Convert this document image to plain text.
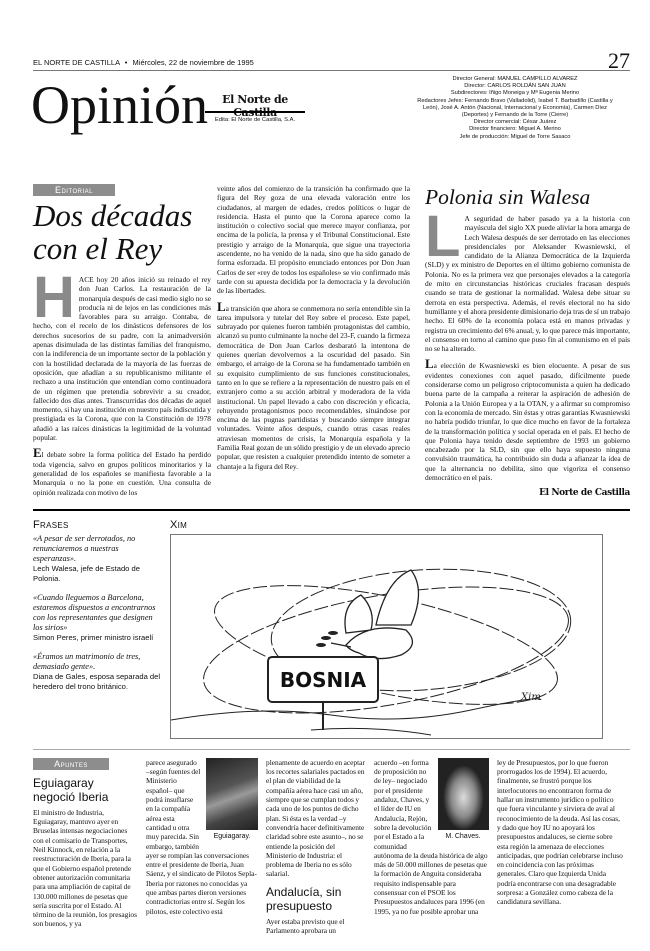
EL NORTE DE CASTILLA • Miércoles, 22 de noviembre de 1995	27
Opinión	El Norte de Castilla
Edita: El Norte de Castilla, S.A.
Director General: MANUEL CAMPILLO ALVAREZ
Director: CARLOS ROLDÁN SAN JUAN
Subdirectores: Iñigo Moneiga y Mª Eugenia Merino
Redactores Jefes: Fernando Bravo (Valladolid), Isabel T. Barbadillo (Castilla y León), José A. Antón (Nacional, Internacional y Economía), Carmen Díez (Deportes) y Fernando de la Torre (Cierre)
Director comercial: César Juárez
Director financiero: Miguel A. Merino
Jefe de producción: Miguel de Torre Sasaco
Editorial
Dos décadas con el Rey

HACE hoy 20 años inició su reinado el rey don Juan Carlos. La restauración de la monarquía después de casi medio siglo no se producía ni de lejos en las condiciones más favorables para su arraigo. Contaba, de hecho, con el recelo de los dinásticos defensores de los derechos sucesorios de su padre, con la animadversión apenas disimulada de las distintas familias del franquismo, con la indiferencia de un importante sector de la población y con la hostilidad declarada de la mayoría de las fuerzas de oposición, que añadían a su republicanismo militante el rechazo a una institución que entendían como continuadora de un régimen que pretendía sobrevivir a su creador, fallecido dos días antes. Transcurridas dos décadas de aquel momento, si hay una institución en nuestro país indiscutida y prestigiada es la Corona, que con la Constitución de 1978 añadió a las raíces dinásticas la legitimidad de la voluntad popular.

El debate sobre la forma política del Estado ha perdido toda vigencia, salvo en grupos políticos minoritarios y la generalidad de los españoles se manifiesta favorable a la Monarquía o no la pone en cuestión. Una consulta de opinión realizada con motivo de los

veinte años del comienzo de la transición ha confirmado que la figura del Rey goza de una elevada valoración entre los ciudadanos, al margen de edades, credos políticos o lugar de residencia. Hasta el punto que la Corona aparece como la institución o colectivo social que merece mayor confianza, por encima de la policía, la prensa y el Tribunal Constitucional. Este prestigio y arraigo de la Monarquía, que sigue una trayectoria ascendente, no ha venido de la nada, sino que ha sido ganado de forma esforzada. El propósito enunciado entonces por Don Juan Carlos de ser «rey de todos los españoles» se vio confirmado más tarde con su apuesta decidida por la democracia y la devolución de las libertades.

La transición que ahora se conmemora no sería entendible sin la tarea impulsora y tutelar del Rey sobre el proceso. Este papel, subrayado por quienes fueron también protagonistas del cambio, alcanzó su punto culminante la noche del 23-F, cuando la firmeza democrática de Don Juan Carlos desbarató la intentona de quienes querían devolvernos a la oscuridad del pasado. Sin embargo, el arraigo de la Corona se ha fundamentado también en su exquisito cumplimiento de sus funciones constitucionales, tanto en lo que se refiere a la representación de nuestro país en el extranjero como a su acción arbitral y moderadora de la vida institucional. Un papel llevado a cabo con discreción y eficacia, rehuyendo protagonismos poco recomendables, situándose por encima de las pugnas partidistas y buscando siempre integrar voluntades. Veinte años después, cuando otras casas reales atraviesan momentos de crisis, la Monarquía española y la Familia Real gozan de un sólido prestigio y de un elevado aprecio popular, que resisten a cualquier pretendido intento de someter a chantaje a la figura del Rey.

Polonia sin Walesa

L A seguridad de haber pasado ya a la historia con mayúscula del siglo XX puede aliviar la hora amarga de Lech Walesa después de ser derrotado en las elecciones presidenciales por Aleksander Kwasniewski, el candidato de la Alianza Democrática de la Izquierda (SLD) y ex ministro de Deportes en el último gobierno comunista de Polonia. No es la primera vez que personajes elevados a la categoría de mito en circunstancias históricas cruciales fracasan después cuando se trata de gestionar la normalidad. Walesa debe situar su derrota en esta perspectiva. Además, el revés electoral no ha sido humillante y el ahora presidente dimisionario deja tras de sí un trabajo hecho. El 60% de la economía polaca está en manos privadas y registra un crecimiento del 6% anual, y, lo que parece más importante, el consenso en torno al camino que puso fin al comunismo en el país no se ha alterado.

La elección de Kwasniewski es bien elocuente. A pesar de sus evidentes conexiones con aquel pasado, difícilmente puede considerarse como un peligroso criptocomunista a quien ha dedicado buena parte de la campaña a reiterar la aspiración de adhesión de Polonia a la Unión Europea y a la OTAN, y a afirmar su compromiso con la economía de mercado. Sin éstas y otras garantías Kwasniewski no habría podido triunfar, lo que dice mucho en favor de la fortaleza de la transformación política y social operada en el país. El hecho de que Polonia haya tenido desde septiembre de 1993 un gobierno encabezado por la SLD, sin que ello haya supuesto ninguna convulsión traumática, ha contribuido sin duda a afianzar la idea de que la alternancia no debilita, sino que vigoriza el consenso democrático en el país.

El Norte de Castilla
Frases
«A pesar de ser derrotados, no renunciaremos a nuestras esperanzas».
Lech Walesa, jefe de Estado de Polonia.
«Cuando lleguemos a Barcelona, estaremos dispuestos a encontrarnos con los representantes que designen los sirios»
Simon Peres, primer ministro israelí
«Éramos un matrimonio de tres, demasiado gente».
Diana de Gales, esposa separada del heredero del trono británico.
Xim
BOSNIA
Xim
Apuntes
Eguiagaray negoció Iberia
El ministro de Industria, Eguiagaray, mantuvo ayer en Bruselas intensas negociaciones con el comisario de Transportes, Neil Kinnock, en relación a la reestructuración de Iberia, para la que el Gobierno español pretende obtener autorización comunitaria para una ampliación de capital de 130.000 millones de pesetas que sería suscrita por el Estado. Al término de la reunión, los presagios son buenos, y ya
Eguiagaray.
parece asegurado –según fuentes del Ministerio español– que podrá insuflarse en la compañía aérea esta cantidad u otra muy parecida. Sin embargo, también ayer se rompían las conversaciones entre el presidente de Iberia, Juan Sáenz, y el sindicato de Pilotos Sepla-Iberia por razones no conocidas ya que ambas partes dieron versiones contradictorias entre sí. Según los pilotos, este colectivo está
plenamente de acuerdo en aceptar los recortes salariales pactados en el plan de viabilidad de la compañía aérea hace casi un año, siempre que se cumplan todos y cada uno de los puntos de dicho plan. Si ésta es la verdad –y convendría hacer definitivamente claridad sobre este asunto–, no se entiende la posición del Ministerio de Industria: el problema de Iberia no es sólo salarial.
Andalucía, sin presupuesto
Ayer estaba previsto que el Parlamento aprobara un
M. Chaves.
acuerdo –en forma de proposición no de ley– negociado por el presidente andaluz, Chaves, y el líder de IU en Andalucía, Rejón, sobre la devolución por el Estado a la comunidad autónoma de la deuda histórica de algo más de 50.000 millones de pesetas que la formación de Anguita consideraba requisito indispensable para consensuar con el PSOE los Presupuestos andaluces para 1996 (en 1995, ya no fue posible aprobar una
ley de Presupuestos, por lo que fueron prorrogados los de 1994). El acuerdo, finalmente, se frustró porque los interlocutores no encontraron forma de hallar un instrumento jurídico o político que fuera vinculante y sirviera de aval al reconocimiento de la deuda. Así las cosas, y dado que hoy IU no apoyará los presupuestos andaluces, se cierne sobre esta región la amenaza de elecciones anticipadas, que podrían celebrarse incluso en coincidencia con las próximas generales. Claro que Izquierda Unida podría encontrarse con una desagradable sorpresa: a González como cabeza de la candidatura sevillana.
